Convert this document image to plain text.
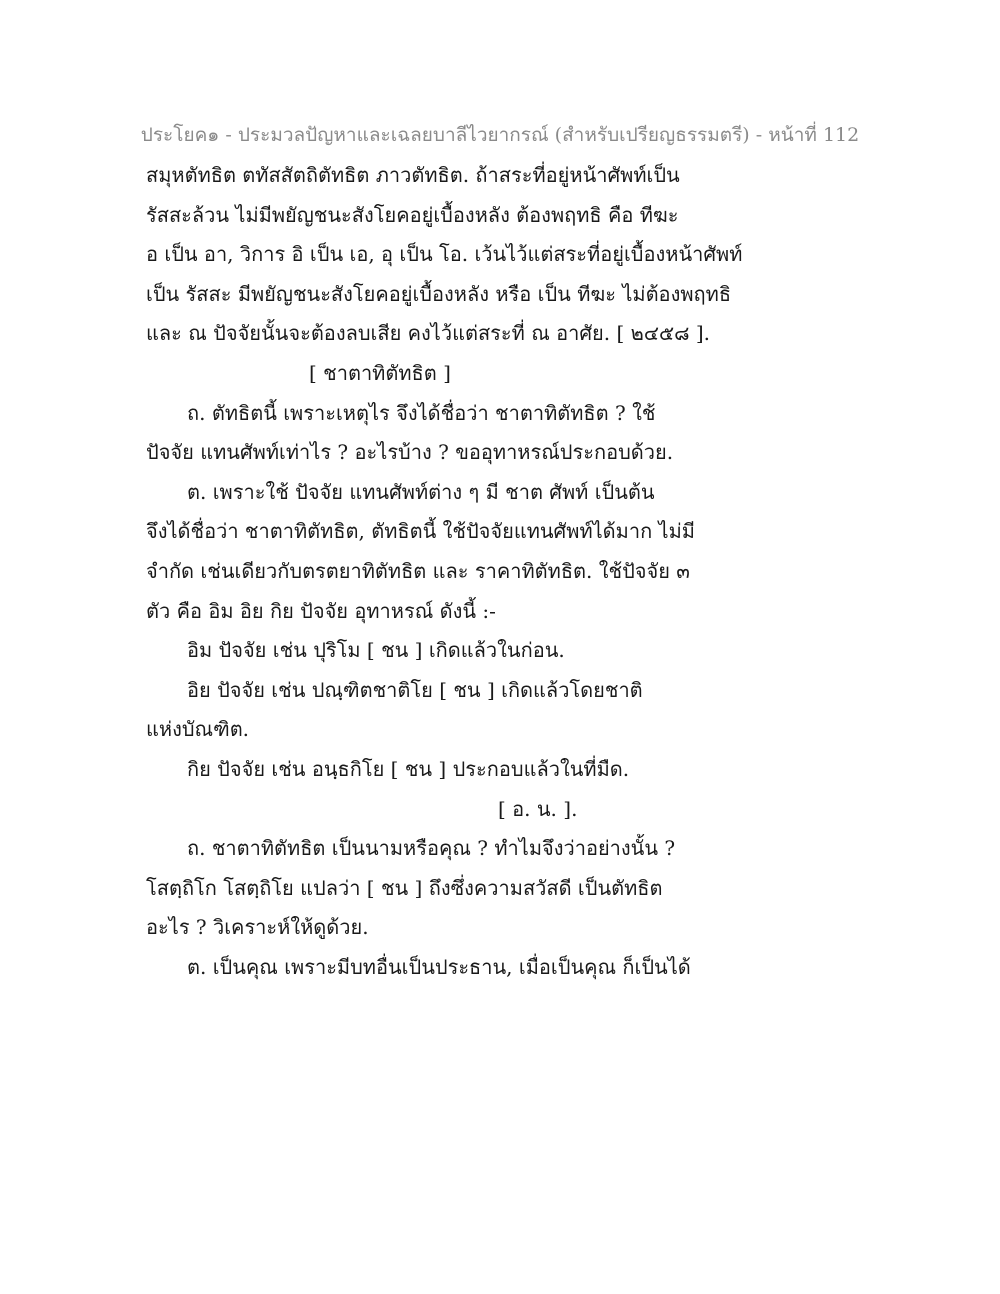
ประโยค๑ - ประมวลปัญหาและเฉลยบาลีไวยากรณ์ (สำหรับเปรียญธรรมตรี) - หน้าที่ 112
สมุหตัทธิต ตทัสสัตถิตัทธิต ภาวตัทธิต. ถ้าสระที่อยู่หน้าศัพท์เป็น
รัสสะล้วน ไม่มีพยัญชนะสังโยคอยู่เบื้องหลัง ต้องพฤทธิ คือ ทีฆะ
อ เป็น อา, วิการ อิ เป็น เอ, อุ เป็น โอ. เว้นไว้แต่สระที่อยู่เบื้องหน้าศัพท์
เป็น รัสสะ มีพยัญชนะสังโยคอยู่เบื้องหลัง หรือ เป็น ทีฆะ ไม่ต้องพฤทธิ
และ ณ ปัจจัยนั้นจะต้องลบเสีย คงไว้แต่สระที่ ณ อาศัย. [ ๒๔๕๘ ].
[ ชาตาทิตัทธิต ]
ถ. ตัทธิตนี้ เพราะเหตุไร จึงได้ชื่อว่า ชาตาทิตัทธิต ? ใช้
ปัจจัย แทนศัพท์เท่าไร ? อะไรบ้าง ? ขออุทาหรณ์ประกอบด้วย.
ต. เพราะใช้ ปัจจัย แทนศัพท์ต่าง ๆ มี ชาต ศัพท์ เป็นต้น
จึงได้ชื่อว่า ชาตาทิตัทธิต, ตัทธิตนี้ ใช้ปัจจัยแทนศัพท์ได้มาก ไม่มี
จำกัด เช่นเดียวกับตรตยาทิตัทธิต และ ราคาทิตัทธิต. ใช้ปัจจัย ๓
ตัว คือ อิม อิย กิย ปัจจัย อุทาหรณ์ ดังนี้ :-
อิม ปัจจัย เช่น ปุริโม [ ชน ] เกิดแล้วในก่อน.
อิย ปัจจัย เช่น ปณฺฑิตชาติโย [ ชน ] เกิดแล้วโดยชาติ
แห่งบัณฑิต.
กิย ปัจจัย เช่น อนฺธกิโย [ ชน ] ประกอบแล้วในที่มืด.
[ อ. น. ].
ถ. ชาตาทิตัทธิต เป็นนามหรือคุณ ? ทำไมจึงว่าอย่างนั้น ?
โสตฺถิโก โสตฺถิโย แปลว่า [ ชน ] ถึงซึ่งความสวัสดี เป็นตัทธิต
อะไร ? วิเคราะห์ให้ดูด้วย.
ต. เป็นคุณ เพราะมีบทอื่นเป็นประธาน, เมื่อเป็นคุณ ก็เป็นได้
